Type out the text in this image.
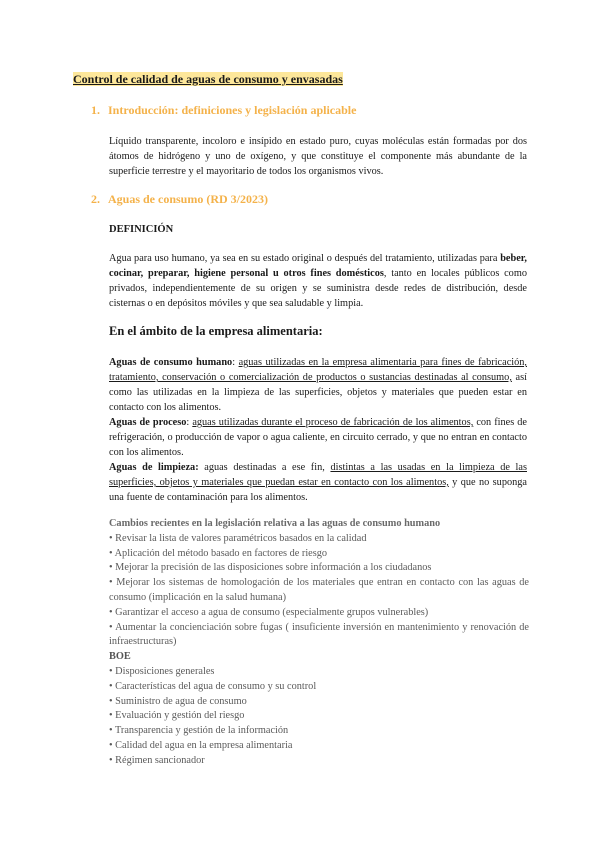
Control de calidad de aguas de consumo y envasadas
1. Introducción: definiciones y legislación aplicable

Líquido transparente, incoloro e insípido en estado puro, cuyas moléculas están formadas por dos átomos de hidrógeno y uno de oxígeno, y que constituye el componente más abundante de la superficie terrestre y el mayoritario de todos los organismos vivos.

2. Aguas de consumo (RD 3/2023)
DEFINICIÓN

Agua para uso humano, ya sea en su estado original o después del tratamiento, utilizadas para beber, cocinar, preparar, higiene personal u otros fines domésticos, tanto en locales públicos como privados, independientemente de su origen y se suministra desde redes de distribución, desde cisternas o en depósitos móviles y que sea saludable y limpia.

En el ámbito de la empresa alimentaria:

Aguas de consumo humano: aguas utilizadas en la empresa alimentaria para fines de fabricación, tratamiento, conservación o comercialización de productos o sustancias destinadas al consumo, así como las utilizadas en la limpieza de las superficies, objetos y materiales que pueden estar en contacto con los alimentos.

Aguas de proceso: aguas utilizadas durante el proceso de fabricación de los alimentos, con fines de refrigeración, o producción de vapor o agua caliente, en circuito cerrado, y que no entran en contacto con los alimentos.

Aguas de limpieza: aguas destinadas a ese fin, distintas a las usadas en la limpieza de las superficies, objetos y materiales que puedan estar en contacto con los alimentos, y que no suponga una fuente de contaminación para los alimentos.

Cambios recientes en la legislación relativa a las aguas de consumo humano
• Revisar la lista de valores paramétricos basados en la calidad
• Aplicación del método basado en factores de riesgo
• Mejorar la precisión de las disposiciones sobre información a los ciudadanos
• Mejorar los sistemas de homologación de los materiales que entran en contacto con las aguas de consumo (implicación en la salud humana)
• Garantizar el acceso a agua de consumo (especialmente grupos vulnerables)
• Aumentar la concienciación sobre fugas ( insuficiente inversión en mantenimiento y renovación de infraestructuras)
BOE
• Disposiciones generales
• Características del agua de consumo y su control
• Suministro de agua de consumo
• Evaluación y gestión del riesgo
• Transparencia y gestión de la información
• Calidad del agua en la empresa alimentaria
• Régimen sancionador
